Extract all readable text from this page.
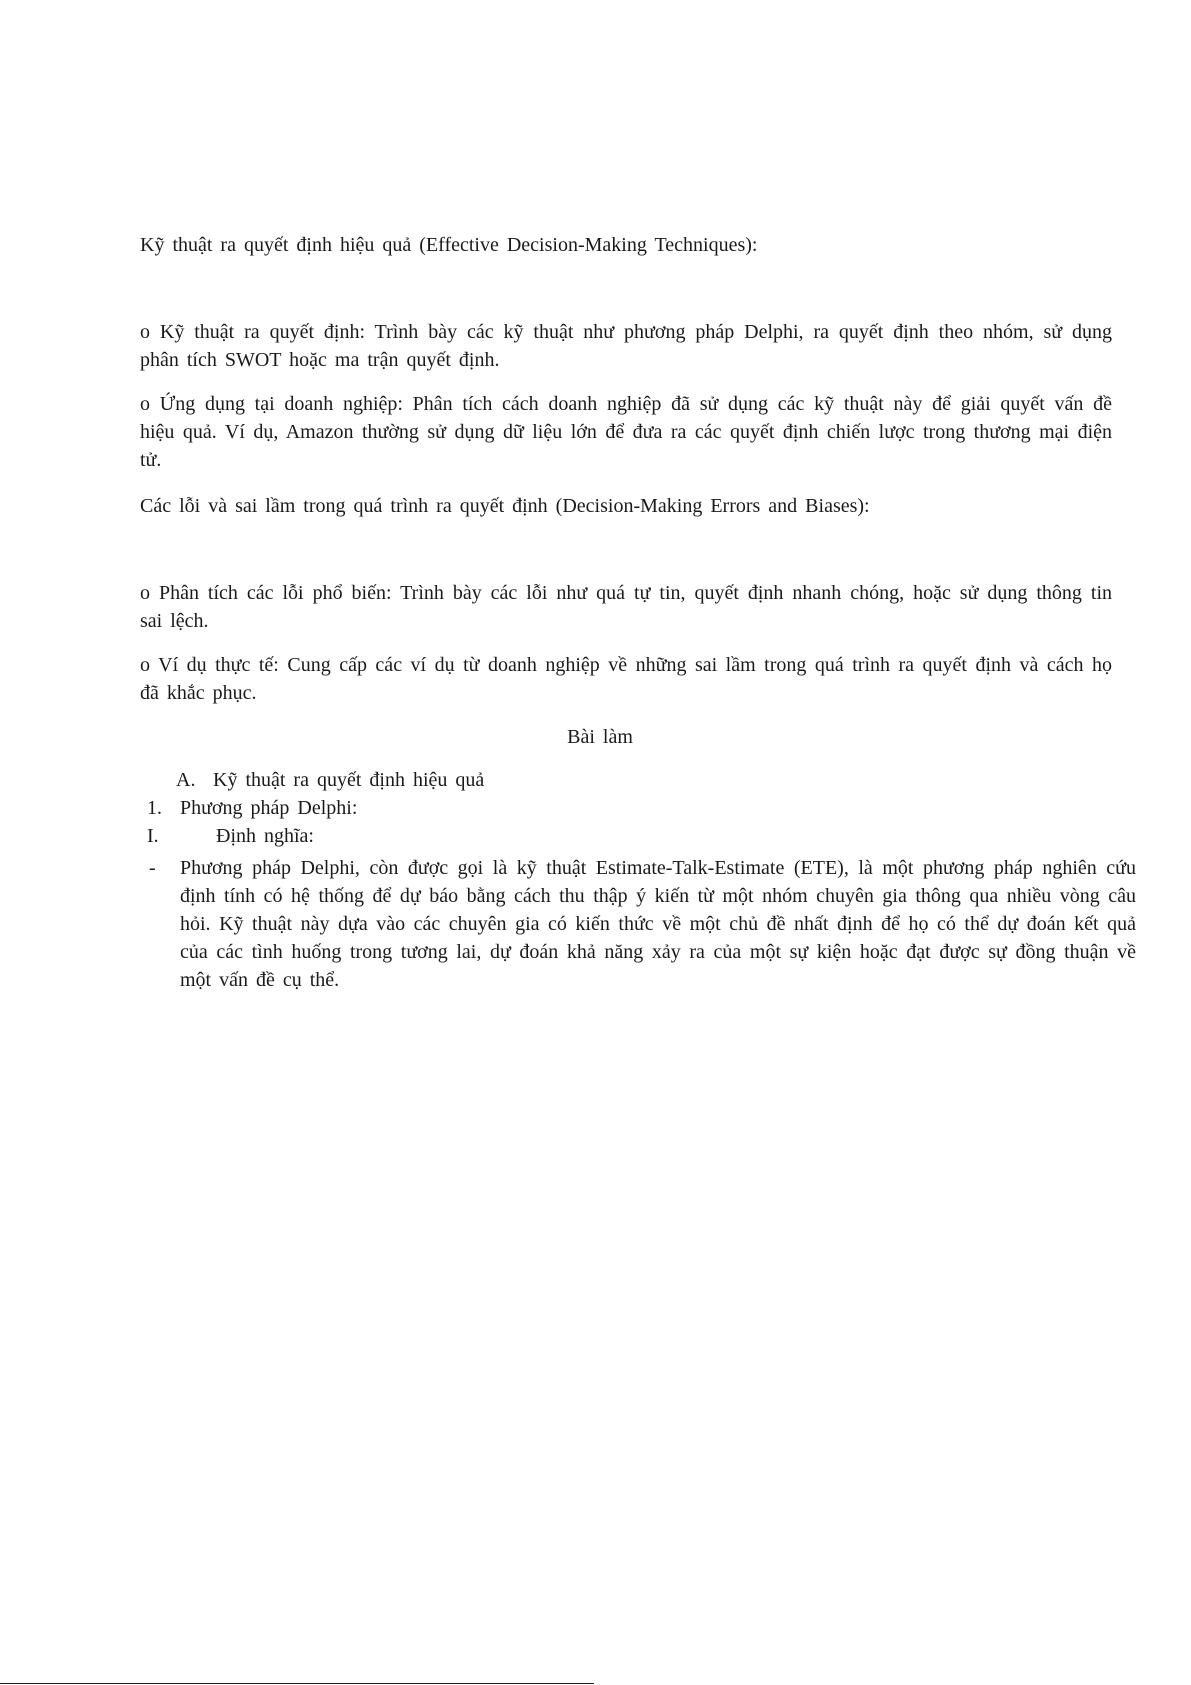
Kỹ thuật ra quyết định hiệu quả (Effective Decision-Making Techniques):

o Kỹ thuật ra quyết định: Trình bày các kỹ thuật như phương pháp Delphi, ra quyết định theo nhóm, sử dụng phân tích SWOT hoặc ma trận quyết định.

o Ứng dụng tại doanh nghiệp: Phân tích cách doanh nghiệp đã sử dụng các kỹ thuật này để giải quyết vấn đề hiệu quả. Ví dụ, Amazon thường sử dụng dữ liệu lớn để đưa ra các quyết định chiến lược trong thương mại điện tử.

Các lỗi và sai lầm trong quá trình ra quyết định (Decision-Making Errors and Biases):

o Phân tích các lỗi phổ biến: Trình bày các lỗi như quá tự tin, quyết định nhanh chóng, hoặc sử dụng thông tin sai lệch.

o Ví dụ thực tế: Cung cấp các ví dụ từ doanh nghiệp về những sai lầm trong quá trình ra quyết định và cách họ đã khắc phục.

Bài làm

A. Kỹ thuật ra quyết định hiệu quả

1. Phương pháp Delphi:

I.	Định nghĩa:

- Phương pháp Delphi, còn được gọi là kỹ thuật Estimate-Talk-Estimate (ETE), là một phương pháp nghiên cứu định tính có hệ thống để dự báo bằng cách thu thập ý kiến từ một nhóm chuyên gia thông qua nhiều vòng câu hỏi. Kỹ thuật này dựa vào các chuyên gia có kiến thức về một chủ đề nhất định để họ có thể dự đoán kết quả của các tình huống trong tương lai, dự đoán khả năng xảy ra của một sự kiện hoặc đạt được sự đồng thuận về một vấn đề cụ thể.
